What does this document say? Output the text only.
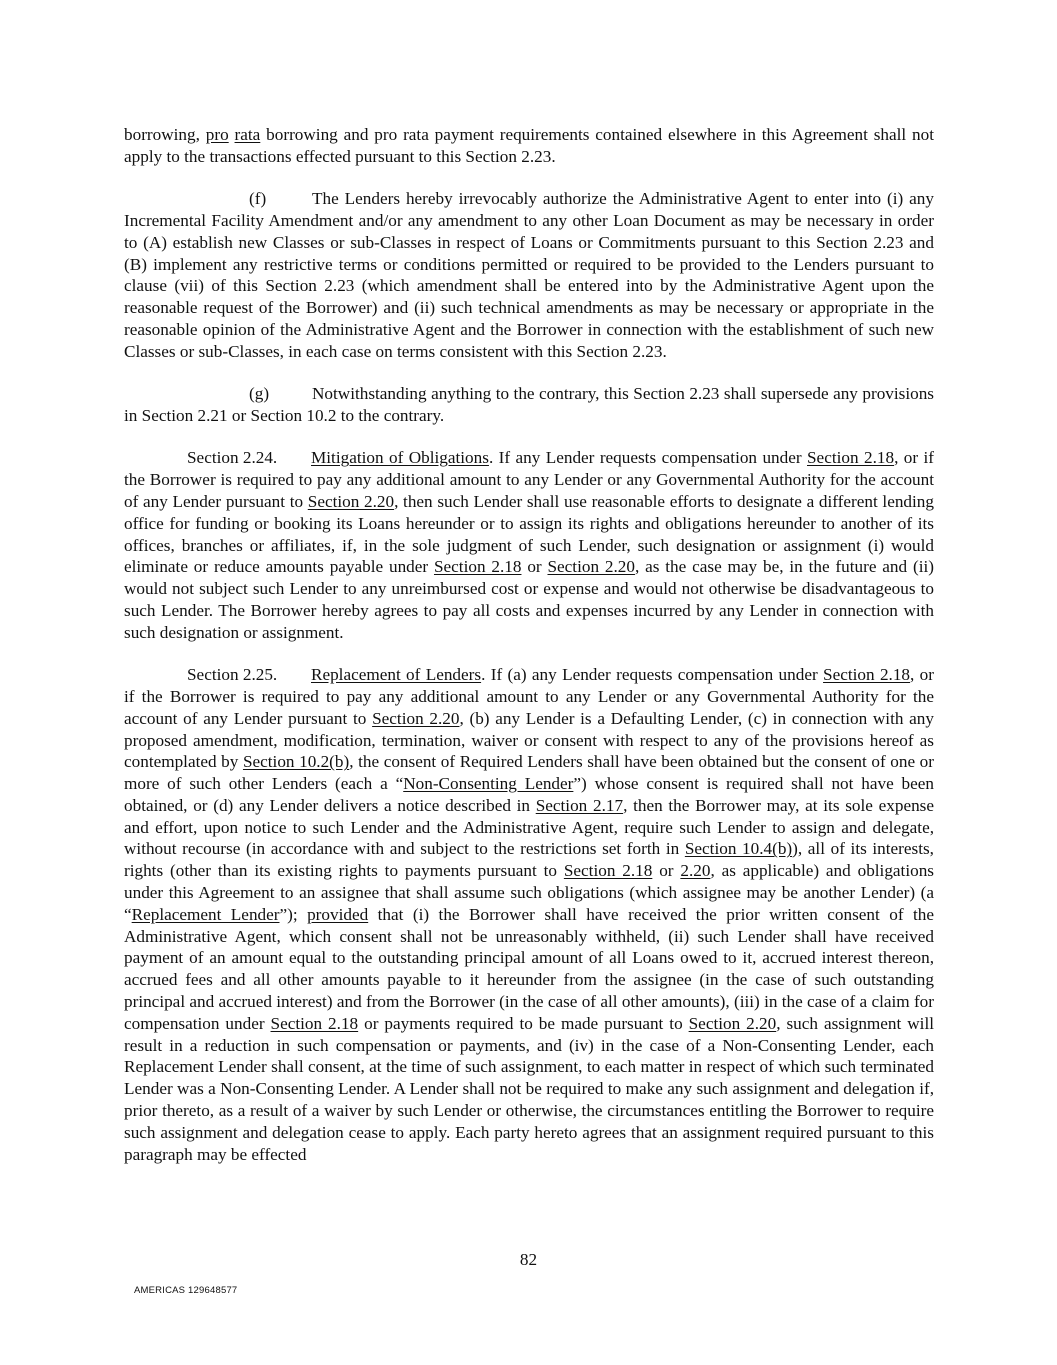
borrowing, pro rata borrowing and pro rata payment requirements contained elsewhere in this Agreement shall not apply to the transactions effected pursuant to this Section 2.23.

(f)	The Lenders hereby irrevocably authorize the Administrative Agent to enter into (i) any Incremental Facility Amendment and/or any amendment to any other Loan Document as may be necessary in order to (A) establish new Classes or sub-Classes in respect of Loans or Commitments pursuant to this Section 2.23 and (B) implement any restrictive terms or conditions permitted or required to be provided to the Lenders pursuant to clause (vii) of this Section 2.23 (which amendment shall be entered into by the Administrative Agent upon the reasonable request of the Borrower) and (ii) such technical amendments as may be necessary or appropriate in the reasonable opinion of the Administrative Agent and the Borrower in connection with the establishment of such new Classes or sub-Classes, in each case on terms consistent with this Section 2.23.

(g) Notwithstanding anything to the contrary, this Section 2.23 shall supersede any provisions in Section 2.21 or Section 10.2 to the contrary.

Section 2.24. Mitigation of Obligations. If any Lender requests compensation under Section 2.18, or if the Borrower is required to pay any additional amount to any Lender or any Governmental Authority for the account of any Lender pursuant to Section 2.20, then such Lender shall use reasonable efforts to designate a different lending office for funding or booking its Loans hereunder or to assign its rights and obligations hereunder to another of its offices, branches or affiliates, if, in the sole judgment of such Lender, such designation or assignment (i) would eliminate or reduce amounts payable under Section 2.18 or Section 2.20, as the case may be, in the future and (ii) would not subject such Lender to any unreimbursed cost or expense and would not otherwise be disadvantageous to such Lender. The Borrower hereby agrees to pay all costs and expenses incurred by any Lender in connection with such designation or assignment.

Section 2.25. Replacement of Lenders. If (a) any Lender requests compensation under Section 2.18, or if the Borrower is required to pay any additional amount to any Lender or any Governmental Authority for the account of any Lender pursuant to Section 2.20, (b) any Lender is a Defaulting Lender, (c) in connection with any proposed amendment, modification, termination, waiver or consent with respect to any of the provisions hereof as contemplated by Section 10.2(b), the consent of Required Lenders shall have been obtained but the consent of one or more of such other Lenders (each a “Non-Consenting Lender”) whose consent is required shall not have been obtained, or (d) any Lender delivers a notice described in Section 2.17, then the Borrower may, at its sole expense and effort, upon notice to such Lender and the Administrative Agent, require such Lender to assign and delegate, without recourse (in accordance with and subject to the restrictions set forth in Section 10.4(b)), all of its interests, rights (other than its existing rights to payments pursuant to Section 2.18 or 2.20, as applicable) and obligations under this Agreement to an assignee that shall assume such obligations (which assignee may be another Lender) (a “Replacement Lender”); provided that (i) the Borrower shall have received the prior written consent of the Administrative Agent, which consent shall not be unreasonably withheld, (ii) such Lender shall have received payment of an amount equal to the outstanding principal amount of all Loans owed to it, accrued interest thereon, accrued fees and all other amounts payable to it hereunder from the assignee (in the case of such outstanding principal and accrued interest) and from the Borrower (in the case of all other amounts), (iii) in the case of a claim for compensation under Section 2.18 or payments required to be made pursuant to Section 2.20, such assignment will result in a reduction in such compensation or payments, and (iv) in the case of a Non-Consenting Lender, each Replacement Lender shall consent, at the time of such assignment, to each matter in respect of which such terminated Lender was a Non-Consenting Lender. A Lender shall not be required to make any such assignment and delegation if, prior thereto, as a result of a waiver by such Lender or otherwise, the circumstances entitling the Borrower to require such assignment and delegation cease to apply. Each party hereto agrees that an assignment required pursuant to this paragraph may be effected

82
AMERICAS 129648577
